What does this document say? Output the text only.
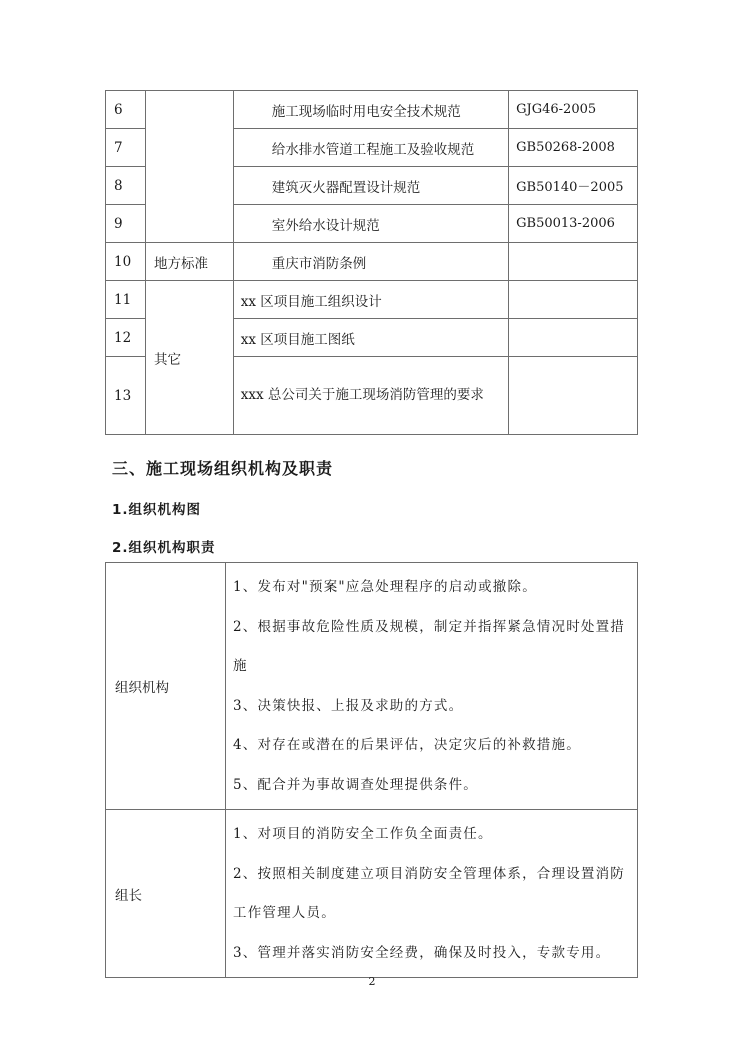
6		施工现场临时用电安全技术规范	GJG46-2005
7		给水排水管道工程施工及验收规范	GB50268-2008
8		建筑灭火器配置设计规范	GB50140－2005
9		室外给水设计规范	GB50013-2006
10	地方标准	重庆市消防条例	
11	其它	xx 区项目施工组织设计	
12		xx 区项目施工图纸	
13		xxx 总公司关于施工现场消防管理的要求	

三、施工现场组织机构及职责
1.组织机构图
2.组织机构职责
组织机构	1、发布对"预案"应急处理程序的启动或撤除。

2、根据事故危险性质及规模，制定并指挥紧急情况时处置措施

3、决策快报、上报及求助的方式。

4、对存在或潜在的后果评估，决定灾后的补救措施。

5、配合并为事故调查处理提供条件。

组长	1、对项目的消防安全工作负全面责任。

2、按照相关制度建立项目消防安全管理体系，合理设置消防工作管理人员。

3、管理并落实消防安全经费，确保及时投入，专款专用。

2
